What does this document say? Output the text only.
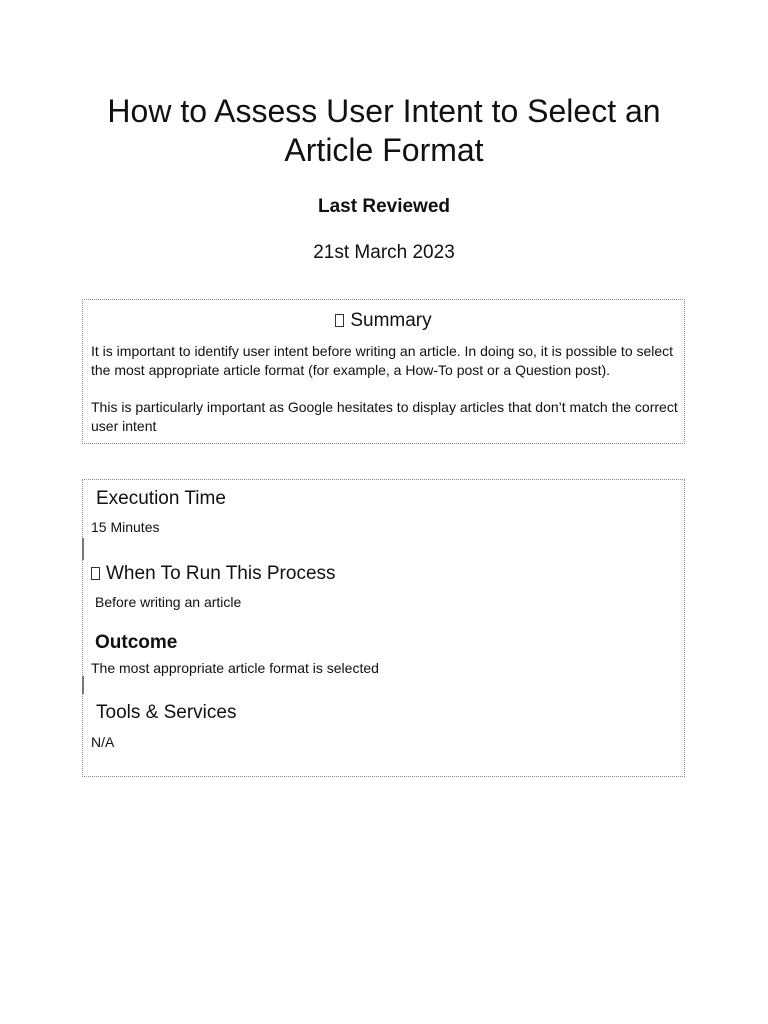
How to Assess User Intent to Select an Article Format
Last Reviewed
21st March 2023
Summary

It is important to identify user intent before writing an article. In doing so, it is possible to select the most appropriate article format (for example, a How-To post or a Question post).

This is particularly important as Google hesitates to display articles that don’t match the correct user intent

Execution Time

15 Minutes

When To Run This Process

Before writing an article

Outcome

The most appropriate article format is selected

Tools & Services

N/A
